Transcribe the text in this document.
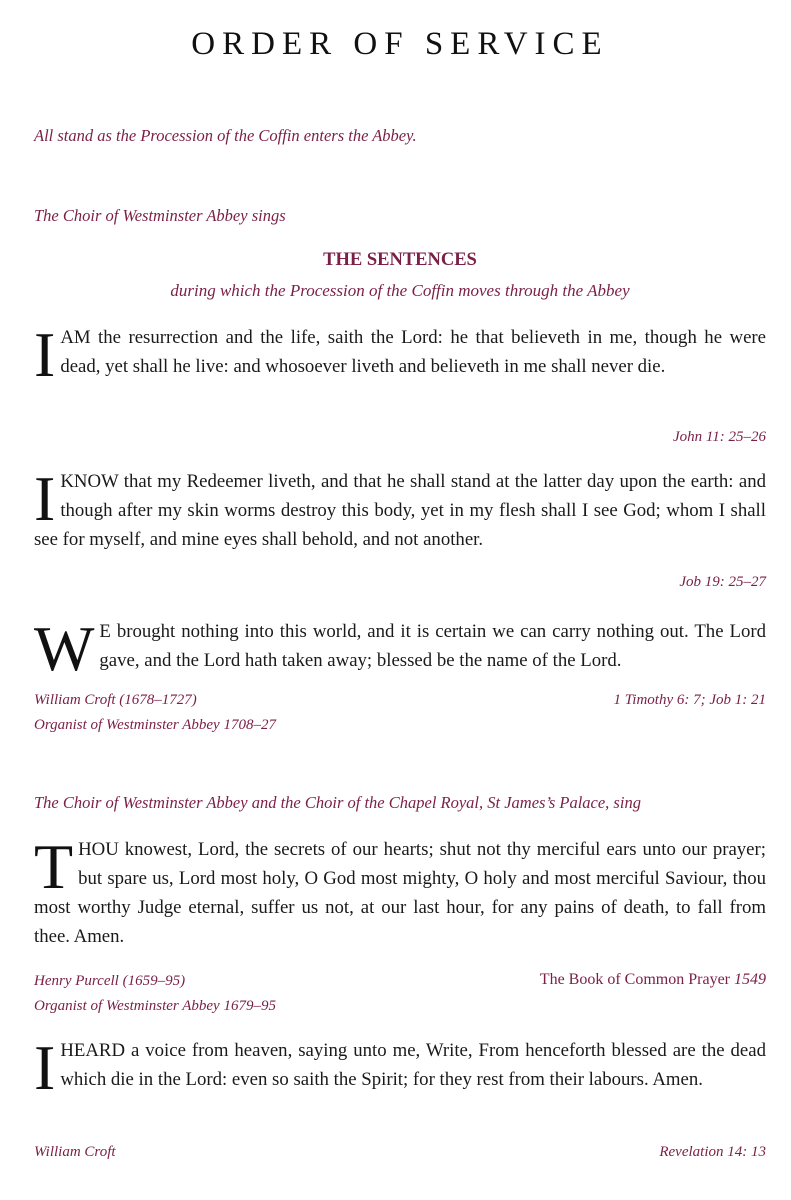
ORDER OF SERVICE
All stand as the Procession of the Coffin enters the Abbey.
The Choir of Westminster Abbey sings
THE SENTENCES
during which the Procession of the Coffin moves through the Abbey
IAM the resurrection and the life, saith the Lord: he that believeth in me, though he were dead, yet shall he live: and whosoever liveth and believeth in me shall never die.
John 11: 25–26
IKNOW that my Redeemer liveth, and that he shall stand at the latter day upon the earth: and though after my skin worms destroy this body, yet in my flesh shall I see God; whom I shall see for myself, and mine eyes shall behold, and not another.
Job 19: 25–27
W E brought nothing into this world, and it is certain we can carry nothing out. The Lord gave, and the Lord hath taken away; blessed be the name of the Lord.
William Croft (1678–1727)
Organist of Westminster Abbey 1708–27
1 Timothy 6: 7; Job 1: 21
The Choir of Westminster Abbey and the Choir of the Chapel Royal, St James’s Palace, sing
THOU knowest, Lord, the secrets of our hearts; shut not thy merciful ears unto our prayer; but spare us, Lord most holy, O God most mighty, O holy and most merciful Saviour, thou most worthy Judge eternal, suffer us not, at our last hour, for any pains of death, to fall from thee. Amen.
Henry Purcell (1659–95)
Organist of Westminster Abbey 1679–95
The Book of Common Prayer 1549
IHEARD a voice from heaven, saying unto me, Write, From henceforth blessed are the dead which die in the Lord: even so saith the Spirit; for they rest from their labours. Amen.
William Croft	Revelation 14: 13
